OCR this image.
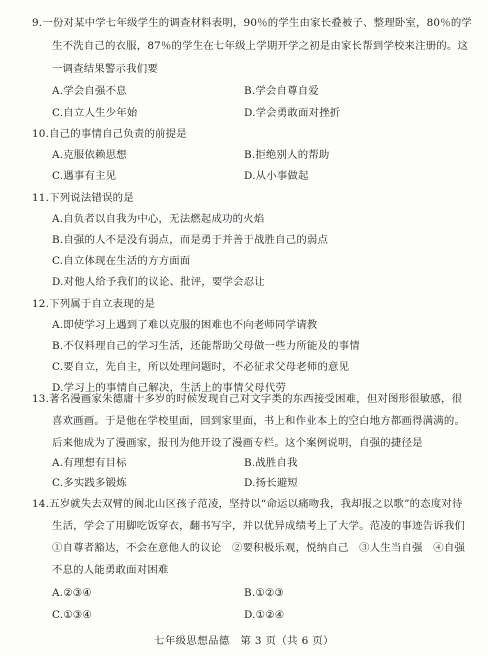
9.一份对某中学七年级学生的调查材料表明，90％的学生由家长叠被子、整理卧室，80％的学
生不洗自己的衣服，87％的学生在七年级上学期开学之初是由家长帮到学校来注册的。这
一调查结果警示我们要
A.学会自强不息	B.学会自尊自爱
C.自立人生少年始	D.学会勇敢面对挫折
10.自己的事情自己负责的前提是
A.克服依赖思想	B.拒绝别人的帮助
C.遇事有主见	D.从小事做起
11.下列说法错误的是
A.自负者以自我为中心，无法燃起成功的火焰
B.自强的人不是没有弱点，而是勇于并善于战胜自己的弱点
C.自立体现在生活的方方面面
D.对他人给予我们的议论、批评，要学会忍让
12.下列属于自立表现的是
A.即使学习上遇到了难以克服的困难也不向老师同学请教
B.不仅料理自己的学习生活，还能帮助父母做一些力所能及的事情
C.要自立，先自主，所以处理问题时，不必征求父母老师的意见
D.学习上的事情自己解决，生活上的事情父母代劳
13.著名漫画家朱德庸十多岁的时候发现自己对文字类的东西接受困难，但对图形很敏感，很
喜欢画画。于是他在学校里面，回到家里面，书上和作业本上的空白地方都画得满满的。
后来他成为了漫画家，报刊为他开设了漫画专栏。这个案例说明，自强的捷径是
A.有理想有目标	B.战胜自我
C.多实践多锻炼	D.扬长避短
14.五岁就失去双臂的阆北山区孩子范凌，坚持以“命运以痛吻我，我却报之以歌”的态度对待
生活，学会了用脚吃饭穿衣，翻书写字，并以优异成绩考上了大学。范凌的事迹告诉我们
①自尊者豁达，不会在意他人的议论　②要积极乐观，悦纳自己　③人生当自强　④自强
不息的人能勇敢面对困难
A.②③④	B.①②③
七年级思想品德　第 3 页（共 6 页）
C.①③④	D.①②④
